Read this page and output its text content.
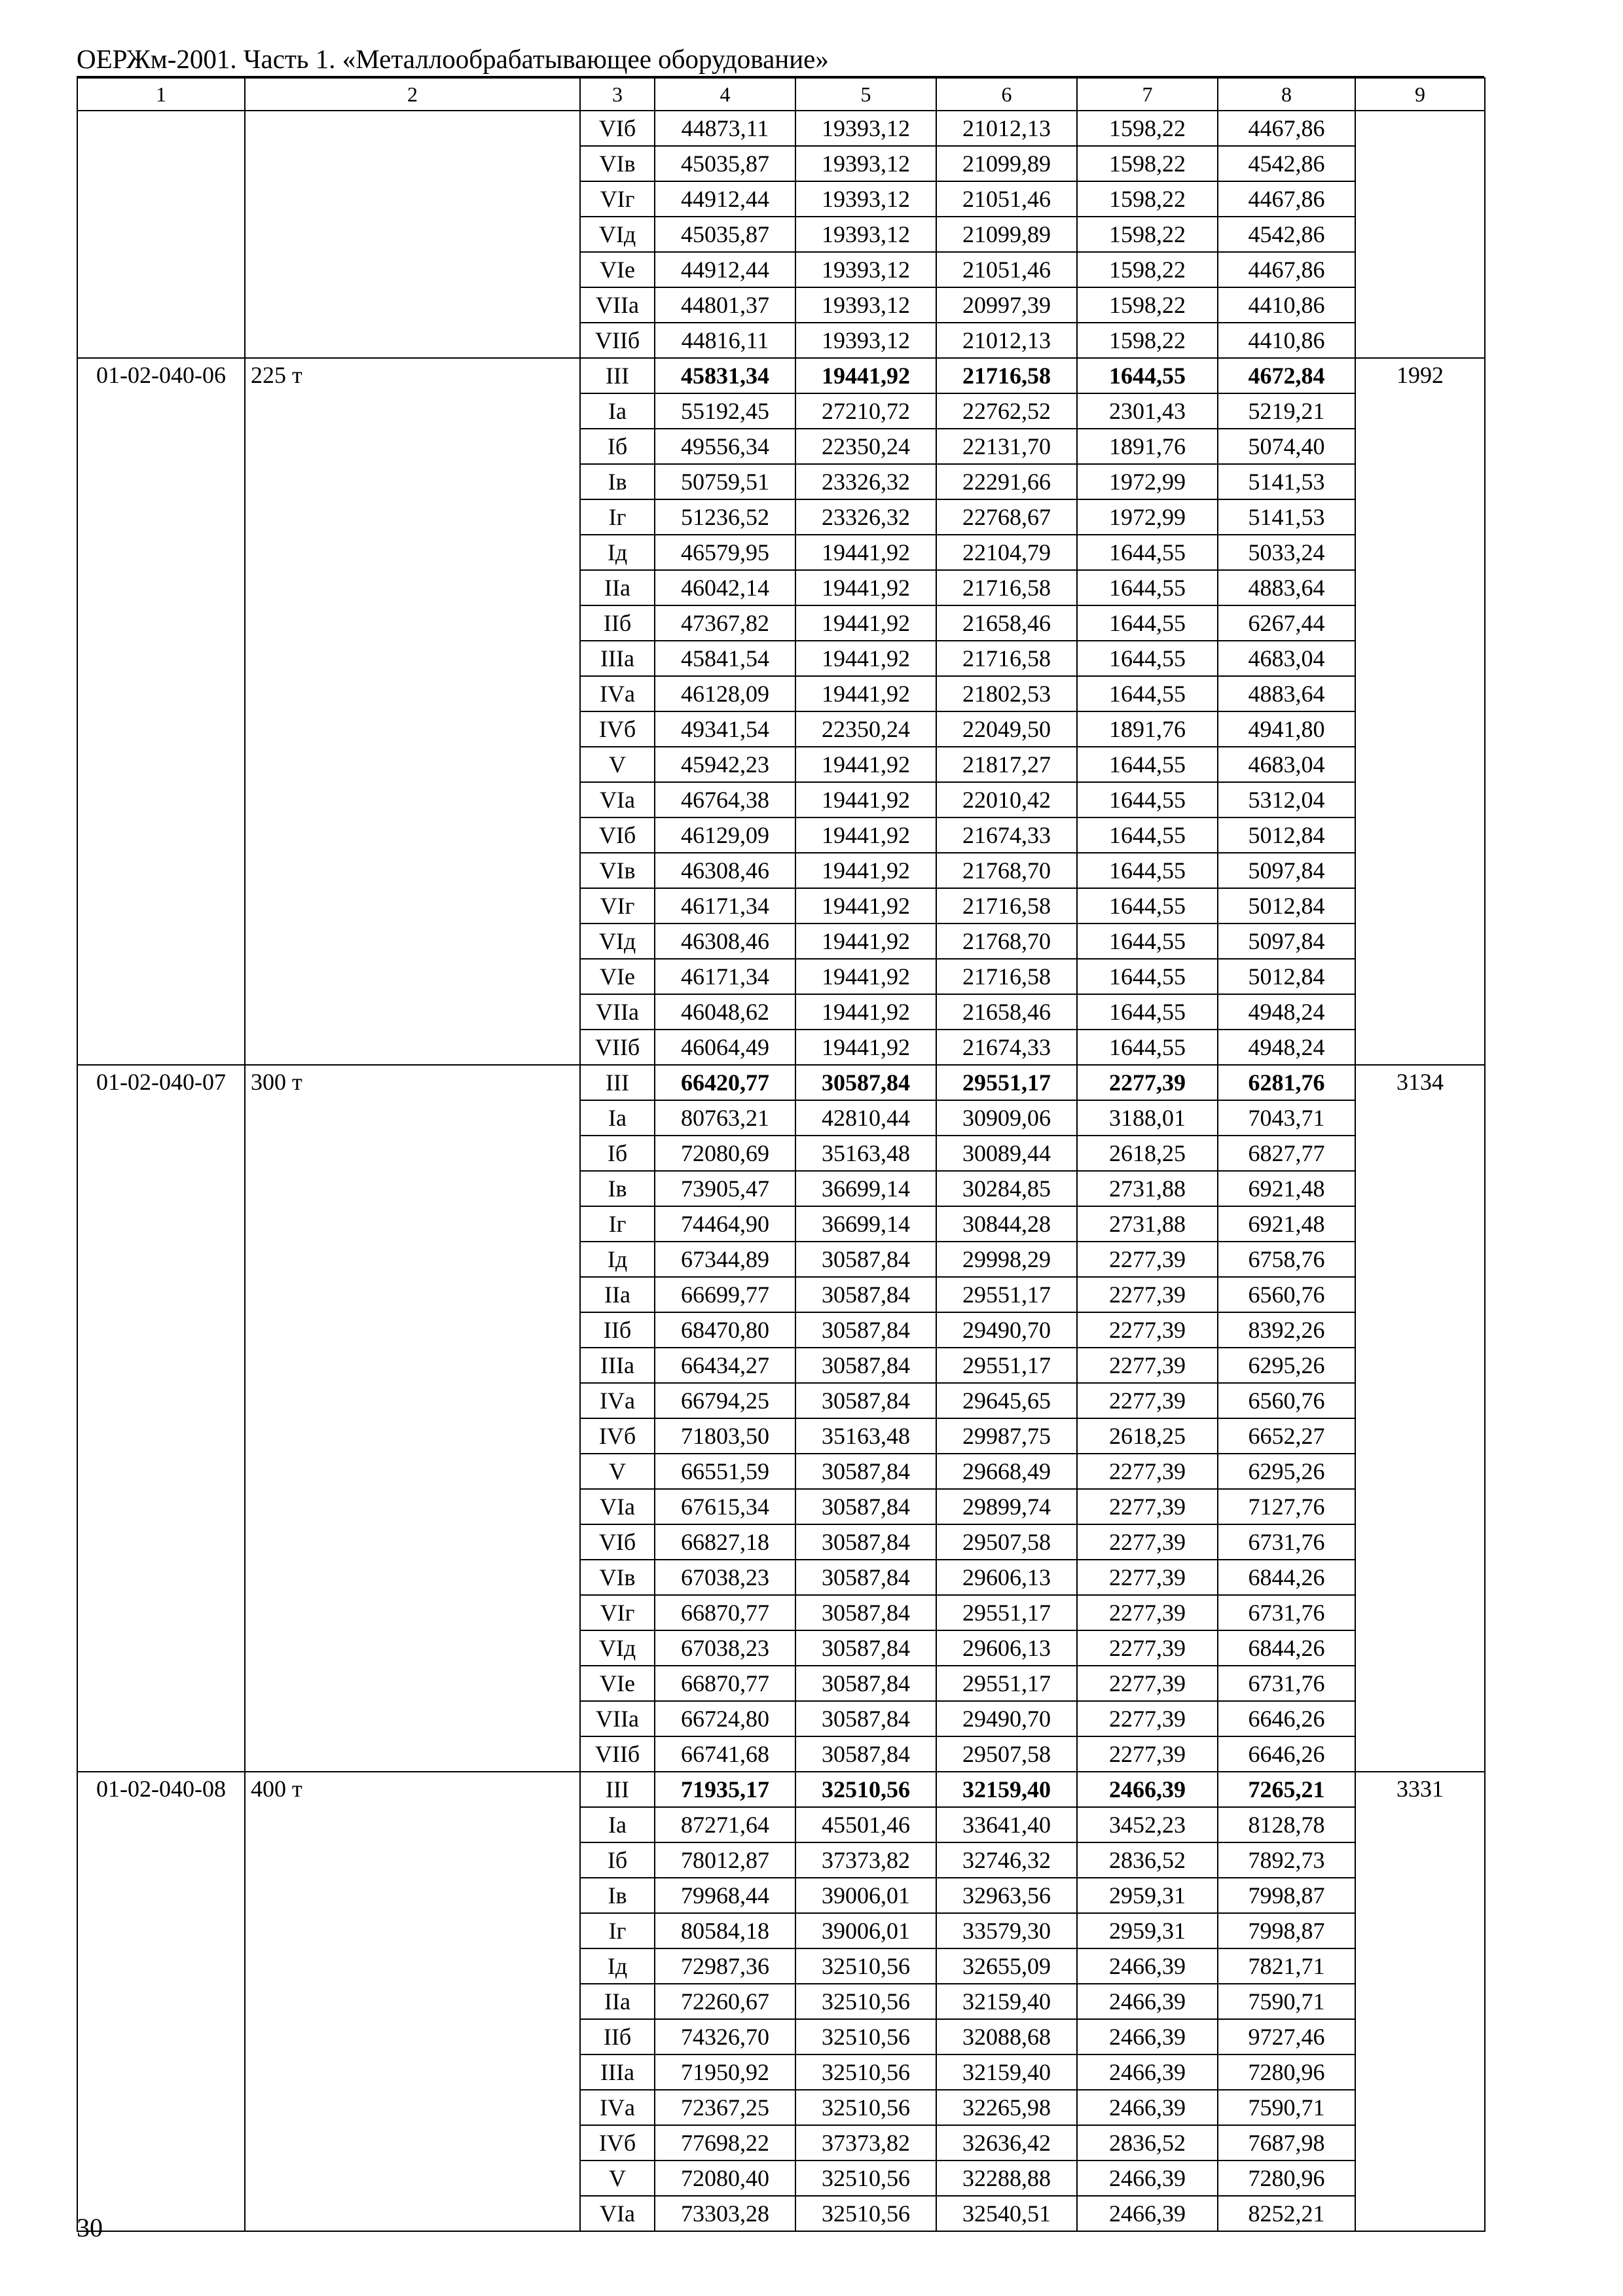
ОЕРЖм-2001. Часть 1. «Металлообрабатывающее оборудование»
1	2	3	4	5	6	7	8	9
		VIб	44873,11	19393,12	21012,13	1598,22	4467,86	
		VIв	45035,87	19393,12	21099,89	1598,22	4542,86	
		VIг	44912,44	19393,12	21051,46	1598,22	4467,86	
		VIд	45035,87	19393,12	21099,89	1598,22	4542,86	
		VIе	44912,44	19393,12	21051,46	1598,22	4467,86	
		VIIа	44801,37	19393,12	20997,39	1598,22	4410,86	
		VIIб	44816,11	19393,12	21012,13	1598,22	4410,86	
01-02-040-06	225 т	III	45831,34	19441,92	21716,58	1644,55	4672,84	1992
		Iа	55192,45	27210,72	22762,52	2301,43	5219,21	
		Iб	49556,34	22350,24	22131,70	1891,76	5074,40	
		Iв	50759,51	23326,32	22291,66	1972,99	5141,53	
		Iг	51236,52	23326,32	22768,67	1972,99	5141,53	
		Iд	46579,95	19441,92	22104,79	1644,55	5033,24	
		IIа	46042,14	19441,92	21716,58	1644,55	4883,64	
		IIб	47367,82	19441,92	21658,46	1644,55	6267,44	
		IIIа	45841,54	19441,92	21716,58	1644,55	4683,04	
		IVа	46128,09	19441,92	21802,53	1644,55	4883,64	
		IVб	49341,54	22350,24	22049,50	1891,76	4941,80	
		V	45942,23	19441,92	21817,27	1644,55	4683,04	
		VIа	46764,38	19441,92	22010,42	1644,55	5312,04	
		VIб	46129,09	19441,92	21674,33	1644,55	5012,84	
		VIв	46308,46	19441,92	21768,70	1644,55	5097,84	
		VIг	46171,34	19441,92	21716,58	1644,55	5012,84	
		VIд	46308,46	19441,92	21768,70	1644,55	5097,84	
		VIе	46171,34	19441,92	21716,58	1644,55	5012,84	
		VIIа	46048,62	19441,92	21658,46	1644,55	4948,24	
		VIIб	46064,49	19441,92	21674,33	1644,55	4948,24	
01-02-040-07	300 т	III	66420,77	30587,84	29551,17	2277,39	6281,76	3134
		Iа	80763,21	42810,44	30909,06	3188,01	7043,71	
		Iб	72080,69	35163,48	30089,44	2618,25	6827,77	
		Iв	73905,47	36699,14	30284,85	2731,88	6921,48	
		Iг	74464,90	36699,14	30844,28	2731,88	6921,48	
		Iд	67344,89	30587,84	29998,29	2277,39	6758,76	
		IIа	66699,77	30587,84	29551,17	2277,39	6560,76	
		IIб	68470,80	30587,84	29490,70	2277,39	8392,26	
		IIIа	66434,27	30587,84	29551,17	2277,39	6295,26	
		IVа	66794,25	30587,84	29645,65	2277,39	6560,76	
		IVб	71803,50	35163,48	29987,75	2618,25	6652,27	
		V	66551,59	30587,84	29668,49	2277,39	6295,26	
		VIа	67615,34	30587,84	29899,74	2277,39	7127,76	
		VIб	66827,18	30587,84	29507,58	2277,39	6731,76	
		VIв	67038,23	30587,84	29606,13	2277,39	6844,26	
		VIг	66870,77	30587,84	29551,17	2277,39	6731,76	
		VIд	67038,23	30587,84	29606,13	2277,39	6844,26	
		VIе	66870,77	30587,84	29551,17	2277,39	6731,76	
		VIIа	66724,80	30587,84	29490,70	2277,39	6646,26	
		VIIб	66741,68	30587,84	29507,58	2277,39	6646,26	
01-02-040-08	400 т	III	71935,17	32510,56	32159,40	2466,39	7265,21	3331
		Iа	87271,64	45501,46	33641,40	3452,23	8128,78	
		Iб	78012,87	37373,82	32746,32	2836,52	7892,73	
		Iв	79968,44	39006,01	32963,56	2959,31	7998,87	
		Iг	80584,18	39006,01	33579,30	2959,31	7998,87	
		Iд	72987,36	32510,56	32655,09	2466,39	7821,71	
		IIа	72260,67	32510,56	32159,40	2466,39	7590,71	
		IIб	74326,70	32510,56	32088,68	2466,39	9727,46	
		IIIа	71950,92	32510,56	32159,40	2466,39	7280,96	
		IVа	72367,25	32510,56	32265,98	2466,39	7590,71	
		IVб	77698,22	37373,82	32636,42	2836,52	7687,98	
		V	72080,40	32510,56	32288,88	2466,39	7280,96	
		VIа	73303,28	32510,56	32540,51	2466,39	8252,21	
30
